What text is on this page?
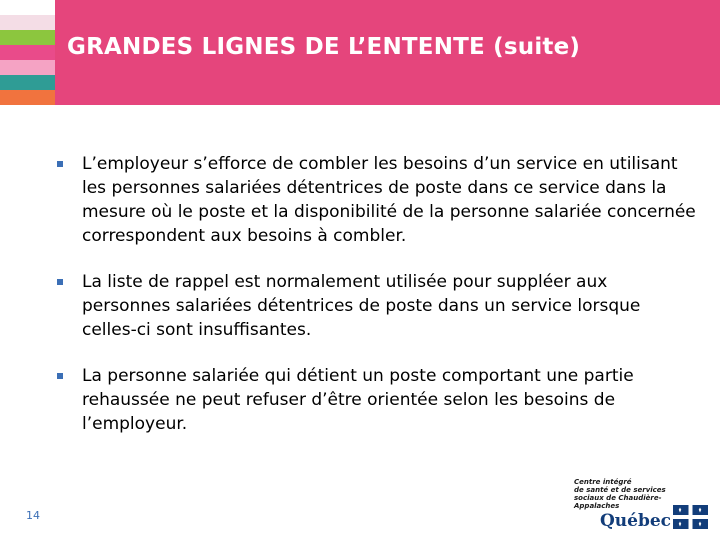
GRANDES LIGNES DE L’ENTENTE (suite)
L’employeur s’efforce de combler les besoins d’un service en utilisant les personnes salariées détentrices de poste dans ce service dans la mesure où le poste et la disponibilité de la personne salariée concernée correspondent aux besoins à combler.
La liste de rappel est normalement utilisée pour suppléer aux personnes salariées détentrices de poste dans un service lorsque celles-ci sont insuffisantes.
La personne salariée qui détient un poste comportant une partie rehaussée ne peut refuser d’être orientée selon les besoins de l’employeur.
14
Centre intégré
de santé et de services
sociaux de Chaudière-
Appalaches
Québec
